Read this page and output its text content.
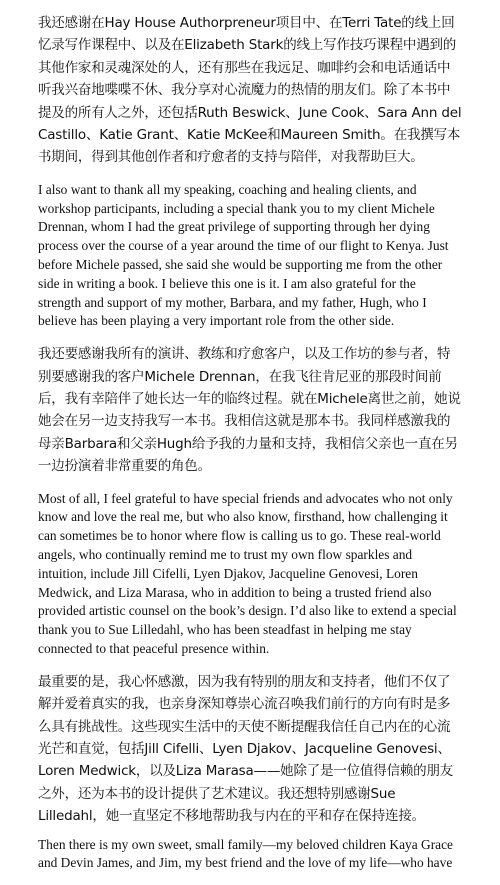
我还感谢在Hay House Authorpreneur项目中、在Terri Tate的线上回忆录写作课程中、以及在Elizabeth Stark的线上写作技巧课程中遇到的其他作家和灵魂深处的人，还有那些在我远足、咖啡约会和电话通话中听我兴奋地喋喋不休、我分享对心流魔力的热情的朋友们。除了本书中提及的所有人之外，还包括Ruth Beswick、June Cook、Sara Ann del Castillo、Katie Grant、Katie McKee和Maureen Smith。在我撰写本书期间，得到其他创作者和疗愈者的支持与陪伴，对我帮助巨大。

I also want to thank all my speaking, coaching and healing clients, and workshop participants, including a special thank you to my client Michele Drennan, whom I had the great privilege of supporting through her dying process over the course of a year around the time of our flight to Kenya. Just before Michele passed, she said she would be supporting me from the other side in writing a book. I believe this one is it. I am also grateful for the strength and support of my mother, Barbara, and my father, Hugh, who I believe has been playing a very important role from the other side.

我还要感谢我所有的演讲、教练和疗愈客户，以及工作坊的参与者，特别要感谢我的客户Michele Drennan，在我飞往肯尼亚的那段时间前后，我有幸陪伴了她长达一年的临终过程。就在Michele离世之前，她说她会在另一边支持我写一本书。我相信这就是那本书。我同样感激我的母亲Barbara和父亲Hugh给予我的力量和支持，我相信父亲也一直在另一边扮演着非常重要的角色。

Most of all, I feel grateful to have special friends and advocates who not only know and love the real me, but who also know, firsthand, how challenging it can sometimes be to honor where flow is calling us to go. These real-world angels, who continually remind me to trust my own flow sparkles and intuition, include Jill Cifelli, Lyen Djakov, Jacqueline Genovesi, Loren Medwick, and Liza Marasa, who in addition to being a trusted friend also provided artistic counsel on the book’s design. I’d also like to extend a special thank you to Sue Lilledahl, who has been steadfast in helping me stay connected to that peaceful presence within.

最重要的是，我心怀感激，因为我有特别的朋友和支持者，他们不仅了解并爱着真实的我，也亲身深知尊崇心流召唤我们前行的方向有时是多么具有挑战性。这些现实生活中的天使不断提醒我信任自己内在的心流光芒和直觉，包括Jill Cifelli、Lyen Djakov、Jacqueline Genovesi、Loren Medwick，以及Liza Marasa——她除了是一位值得信赖的朋友之外，还为本书的设计提供了艺术建议。我还想特别感谢Sue Lilledahl，她一直坚定不移地帮助我与内在的平和存在保持连接。

Then there is my own sweet, small family—my beloved children Kaya Grace and Devin James, and Jim, my best friend and the love of my life—who have
